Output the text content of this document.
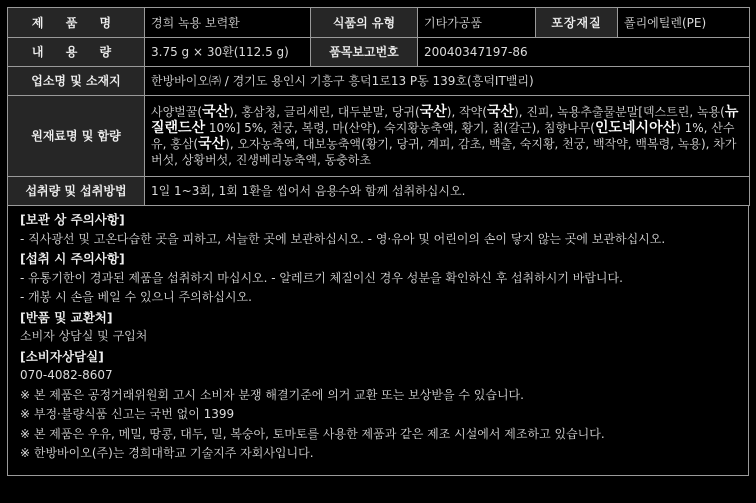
제 품 명	경희 녹용 보력환	식품의 유형	기타가공품	포장재질	폴리에틸렌(PE)
내 용 량	3.75 g × 30환(112.5 g)	품목보고번호	20040347197-86		
업소명 및 소재지	한방바이오㈜ / 경기도 용인시 기흥구 흥덕1로13 P동 139호(흥덕IT밸리)				
원재료명 및 함량	사양벌꿀(국산), 홍삼청, 글리세린, 대두분말, 당귀(국산), 작약(국산), 진피, 녹용추출물분말[덱스트린, 녹용(뉴질랜드산 10%] 5%, 천궁, 복령, 마(산약), 숙지황농축액, 황기, 칡(갈근), 침향나무(인도네시아산) 1%, 산수유, 홍삼(국산), 오자농축액, 대보농축액(황기, 당귀, 계피, 감초, 백출, 숙지황, 천궁, 백작약, 백복령, 녹용), 차가버섯, 상황버섯, 진생베리농축액, 동충하초				
섭취량 및 섭취방법	1일 1~3회, 1회 1환을 씹어서 음용수와 함께 섭취하십시오.				
[보관 상 주의사항]
- 직사광선 및 고온다습한 곳을 피하고, 서늘한 곳에 보관하십시오. - 영·유아 및 어린이의 손이 닿지 않는 곳에 보관하십시오.
[섭취 시 주의사항]
- 유통기한이 경과된 제품을 섭취하지 마십시오. - 알레르기 체질이신 경우 성분을 확인하신 후 섭취하시기 바랍니다.
- 개봉 시 손을 베일 수 있으니 주의하십시오.
[반품 및 교환처]
소비자 상담실 및 구입처
[소비자상담실]
070-4082-8607
※ 본 제품은 공정거래위원회 고시 소비자 분쟁 해결기준에 의거 교환 또는 보상받을 수 있습니다.
※ 부정·불량식품 신고는 국번 없이 1399
※ 본 제품은 우유, 메밀, 땅콩, 대두, 밀, 복숭아, 토마토를 사용한 제품과 같은 제조 시설에서 제조하고 있습니다.
※ 한방바이오(주)는 경희대학교 기술지주 자회사입니다.
